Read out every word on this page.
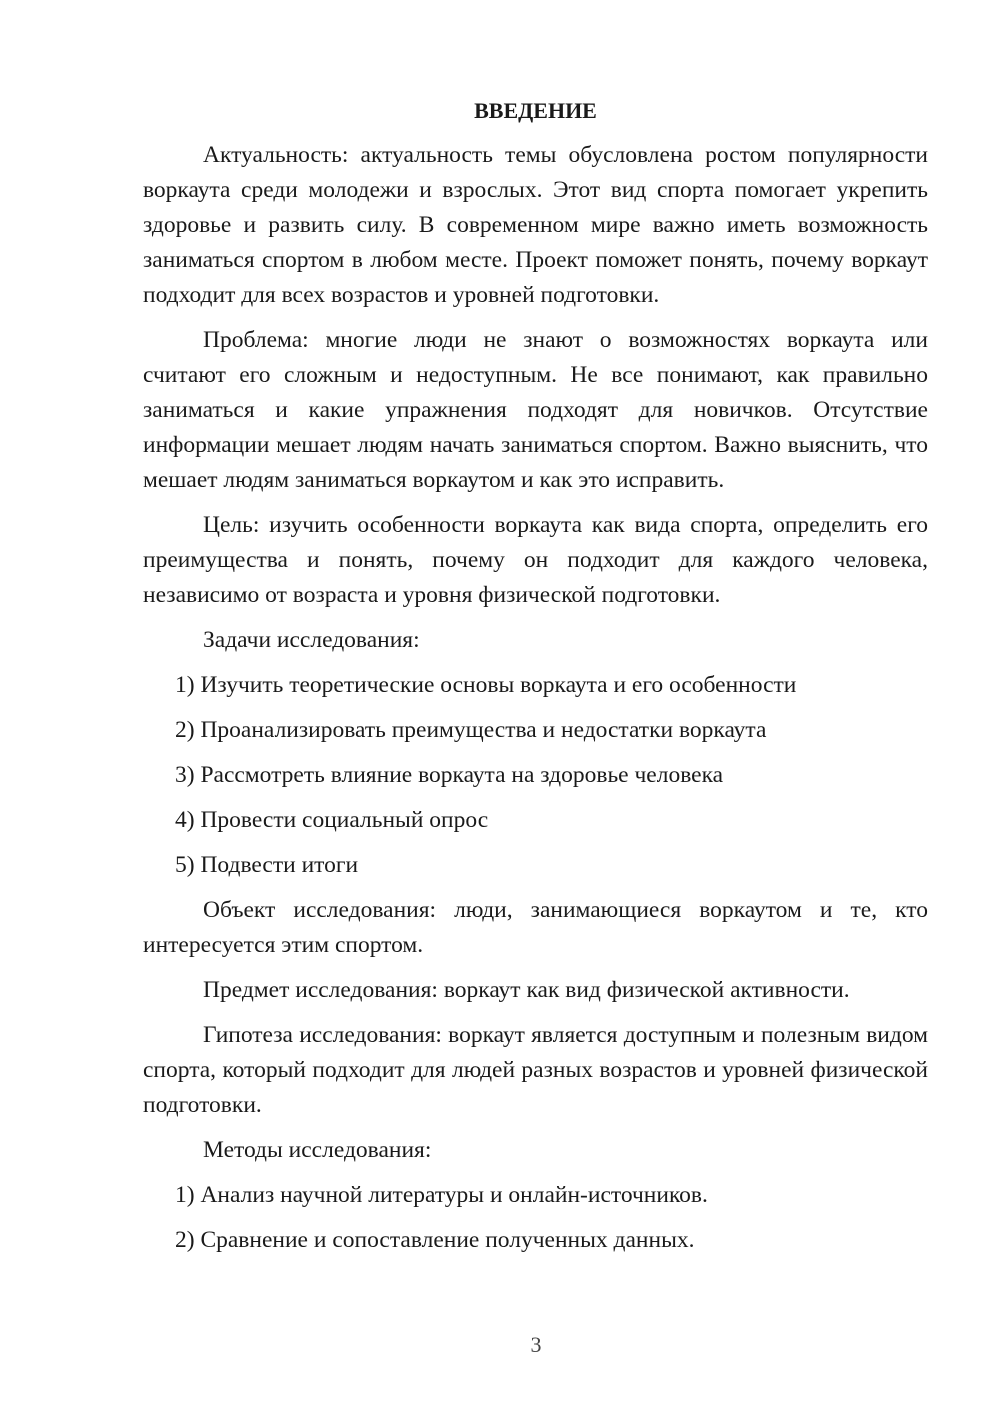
ВВЕДЕНИЕ
Актуальность: актуальность темы обусловлена ростом популярности воркаута среди молодежи и взрослых. Этот вид спорта помогает укрепить здоровье и развить силу. В современном мире важно иметь возможность заниматься спортом в любом месте. Проект поможет понять, почему воркаут подходит для всех возрастов и уровней подготовки.
Проблема: многие люди не знают о возможностях воркаута или считают его сложным и недоступным. Не все понимают, как правильно заниматься и какие упражнения подходят для новичков. Отсутствие информации мешает людям начать заниматься спортом. Важно выяснить, что мешает людям заниматься воркаутом и как это исправить.
Цель: изучить особенности воркаута как вида спорта, определить его преимущества и понять, почему он подходит для каждого человека, независимо от возраста и уровня физической подготовки.
Задачи исследования:
1) Изучить теоретические основы воркаута и его особенности
2) Проанализировать преимущества и недостатки воркаута
3) Рассмотреть влияние воркаута на здоровье человека
4) Провести социальный опрос
5) Подвести итоги
Объект исследования: люди, занимающиеся воркаутом и те, кто интересуется этим спортом.
Предмет исследования: воркаут как вид физической активности.
Гипотеза исследования: воркаут является доступным и полезным видом спорта, который подходит для людей разных возрастов и уровней физической подготовки.
Методы исследования:
1) Анализ научной литературы и онлайн-источников.
2) Сравнение и сопоставление полученных данных.
3
